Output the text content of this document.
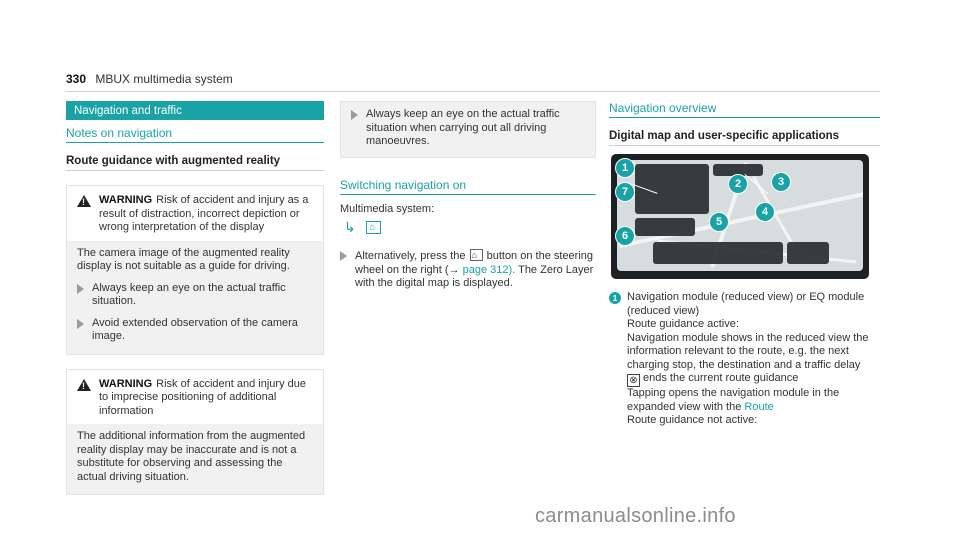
330 MBUX multimedia system
Navigation and traffic
Notes on navigation
Route guidance with augmented reality
!
WARNING Risk of accident and injury as a result of distraction, incorrect depiction or wrong interpretation of the display
The camera image of the augmented reality display is not suitable as a guide for driving.
Always keep an eye on the actual traffic situation.
Avoid extended observation of the camera image.
!
WARNING Risk of accident and injury due to imprecise positioning of additional information
The additional information from the augmented reality display may be inaccurate and is not a substitute for observing and assessing the actual driving situation.
Always keep an eye on the actual traffic situation when carrying out all driving manoeuvres.
Switching navigation on
Multimedia system:
↳ ⌂
Alternatively, press the ⌂ button on the steering wheel on the right (→ page 312). The Zero Layer with the digital map is displayed.
Navigation overview
Digital map and user-specific applications
1
2	3
4
5
6
7
1 Navigation module (reduced view) or EQ module (reduced view)
Route guidance active:
Navigation module shows in the reduced view the information relevant to the route, e.g. the next charging stop, the destination and a traffic delay
⊗ ends the current route guidance
Tapping opens the navigation module in the expanded view with the Route
Route guidance not active:
carmanualsonline.info
